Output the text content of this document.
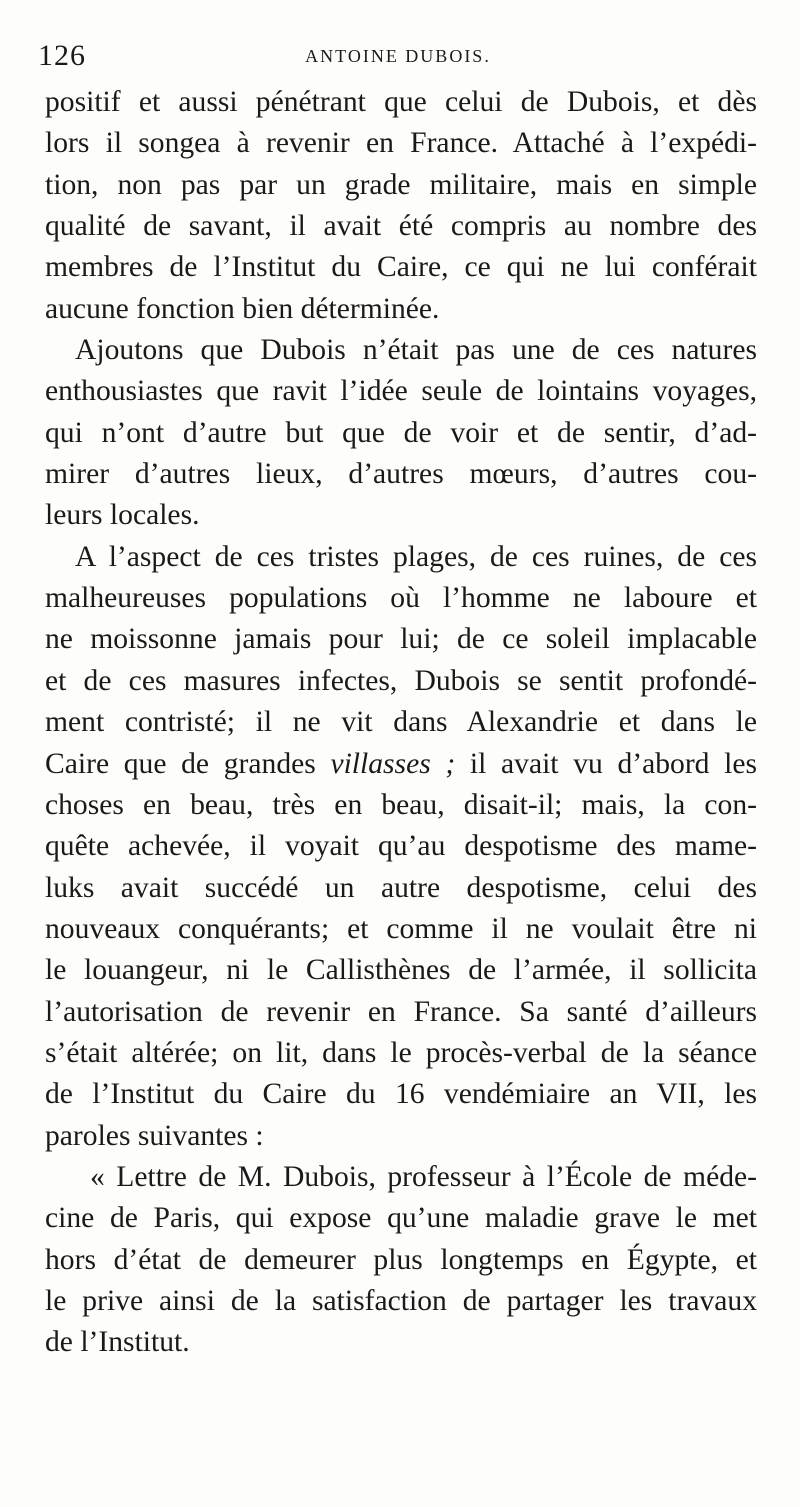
ANTOINE DUBOIS.
126
positif et aussi pénétrant que celui de Dubois, et dès
lors il songea à revenir en France. Attaché à l’expédi-
tion, non pas par un grade militaire, mais en simple
qualité de savant, il avait été compris au nombre des
membres de l’Institut du Caire, ce qui ne lui conférait
aucune fonction bien déterminée.
Ajoutons que Dubois n’était pas une de ces natures
enthousiastes que ravit l’idée seule de lointains voyages,
qui n’ont d’autre but que de voir et de sentir, d’ad-
mirer d’autres lieux, d’autres mœurs, d’autres cou-
leurs locales.
A l’aspect de ces tristes plages, de ces ruines, de ces
malheureuses populations où l’homme ne laboure et
ne moissonne jamais pour lui; de ce soleil implacable
et de ces masures infectes, Dubois se sentit profondé-
ment contristé; il ne vit dans Alexandrie et dans le
Caire que de grandes villasses ; il avait vu d’abord les
choses en beau, très en beau, disait-il; mais, la con-
quête achevée, il voyait qu’au despotisme des mame-
luks avait succédé un autre despotisme, celui des
nouveaux conquérants; et comme il ne voulait être ni
le louangeur, ni le Callisthènes de l’armée, il sollicita
l’autorisation de revenir en France. Sa santé d’ailleurs
s’était altérée; on lit, dans le procès-verbal de la séance
de l’Institut du Caire du 16 vendémiaire an VII, les
paroles suivantes :
« Lettre de M. Dubois, professeur à l’École de méde-
cine de Paris, qui expose qu’une maladie grave le met
hors d’état de demeurer plus longtemps en Égypte, et
le prive ainsi de la satisfaction de partager les travaux
de l’Institut.
